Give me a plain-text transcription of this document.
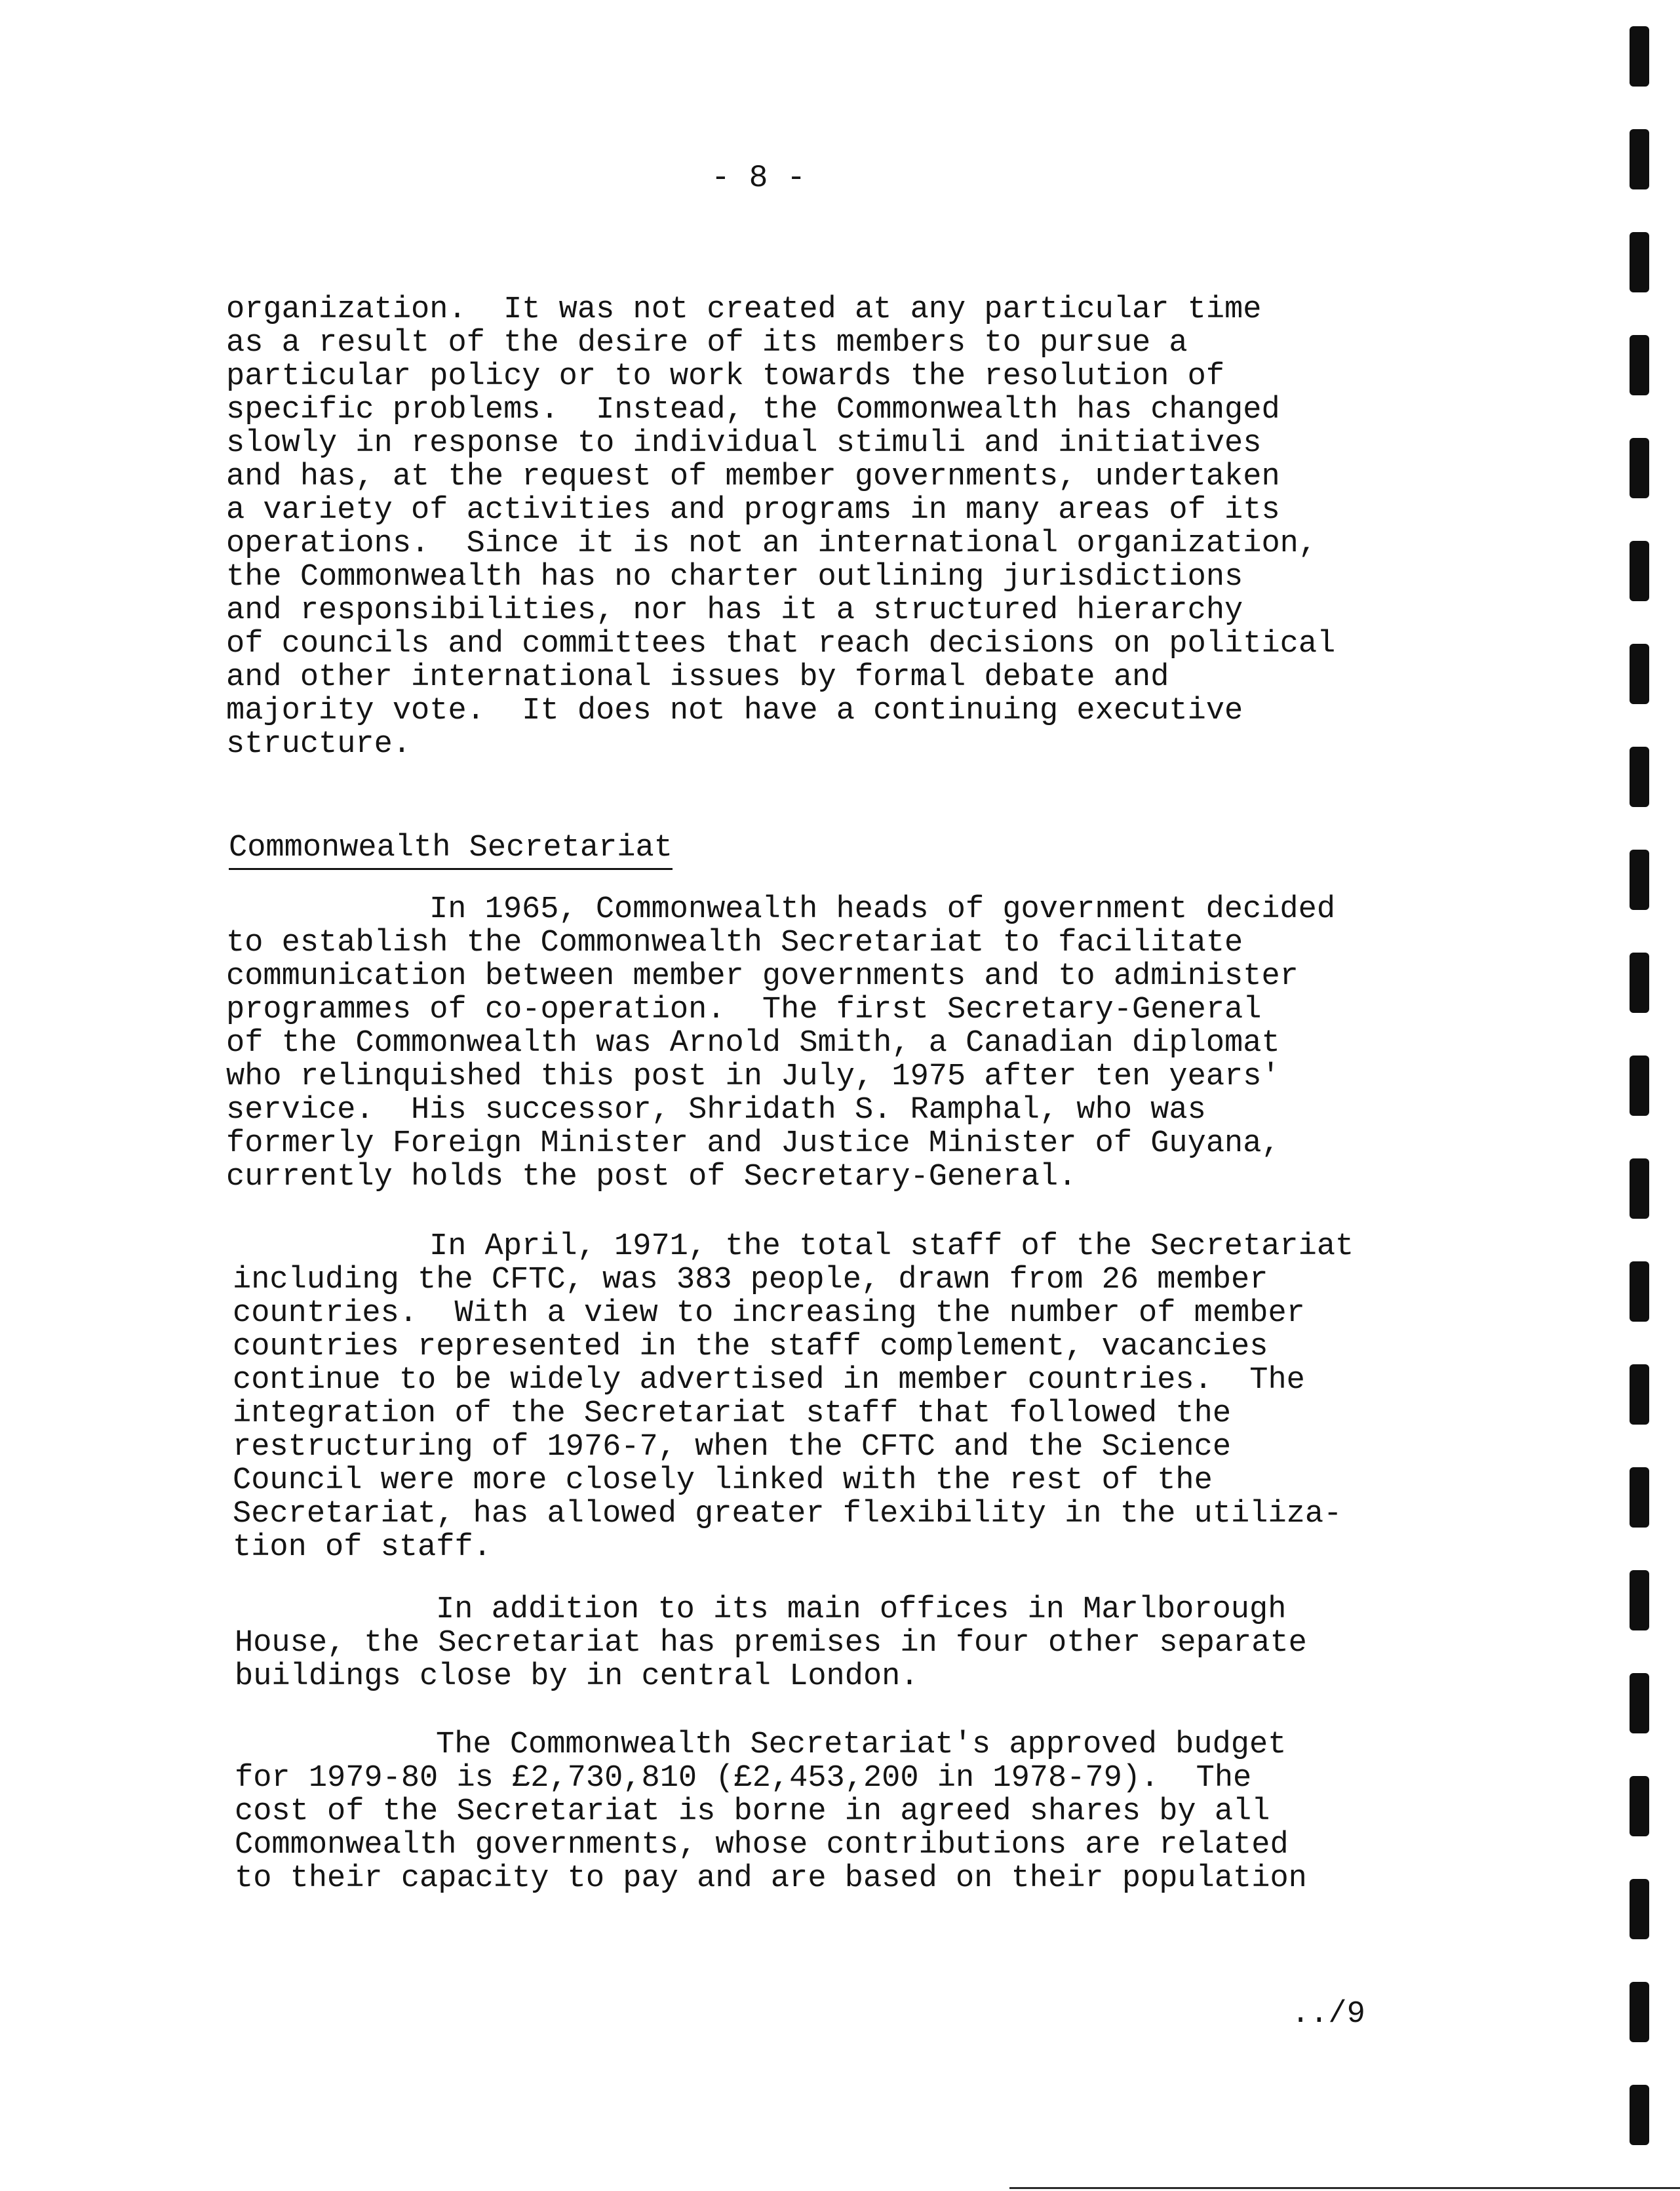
- 8 -
organization.  It was not created at any particular time
as a result of the desire of its members to pursue a
particular policy or to work towards the resolution of
specific problems.  Instead, the Commonwealth has changed
slowly in response to individual stimuli and initiatives
and has, at the request of member governments, undertaken
a variety of activities and programs in many areas of its
operations.  Since it is not an international organization,
the Commonwealth has no charter outlining jurisdictions
and responsibilities, nor has it a structured hierarchy
of councils and committees that reach decisions on political
and other international issues by formal debate and
majority vote.  It does not have a continuing executive
structure.
Commonwealth Secretariat
In 1965, Commonwealth heads of government decided
to establish the Commonwealth Secretariat to facilitate
communication between member governments and to administer
programmes of co-operation.  The first Secretary-General
of the Commonwealth was Arnold Smith, a Canadian diplomat
who relinquished this post in July, 1975 after ten years'
service.  His successor, Shridath S. Ramphal, who was
formerly Foreign Minister and Justice Minister of Guyana,
currently holds the post of Secretary-General.
In April, 1971, the total staff of the Secretariat
including the CFTC, was 383 people, drawn from 26 member
countries.  With a view to increasing the number of member
countries represented in the staff complement, vacancies
continue to be widely advertised in member countries.  The
integration of the Secretariat staff that followed the
restructuring of 1976-7, when the CFTC and the Science
Council were more closely linked with the rest of the
Secretariat, has allowed greater flexibility in the utiliza-
tion of staff.
In addition to its main offices in Marlborough
House, the Secretariat has premises in four other separate
buildings close by in central London.
The Commonwealth Secretariat's approved budget
for 1979-80 is £2,730,810 (£2,453,200 in 1978-79).  The
cost of the Secretariat is borne in agreed shares by all
Commonwealth governments, whose contributions are related
to their capacity to pay and are based on their population
../9
